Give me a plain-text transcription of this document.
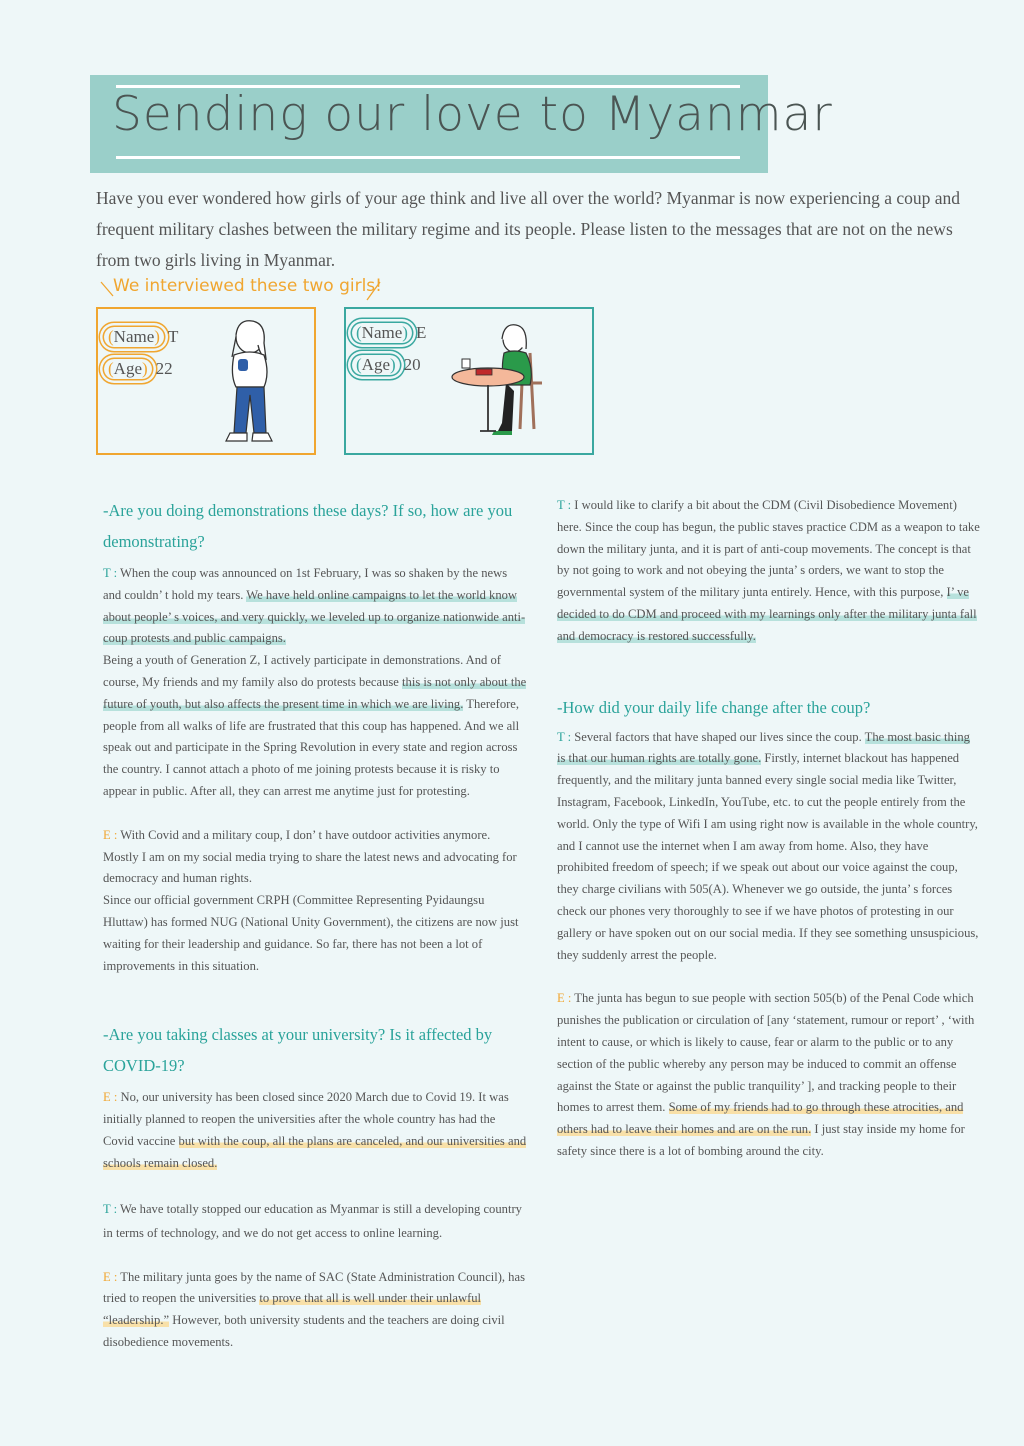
Sending our love to Myanmar

Have you ever wondered how girls of your age think and live all over the world? Myanmar is now experiencing a coup and frequent military clashes between the military regime and its people. Please listen to the messages that are not on the news from two girls living in Myanmar.

We interviewed these two girls!
(Name) T
(Age) 22
(Name) E
(Age) 20

-Are you doing demonstrations these days? If so, how are you demonstrating?

T : When the coup was announced on 1st February, I was so shaken by the news and couldn’ t hold my tears. We have held online campaigns to let the world know about people’ s voices, and very quickly, we leveled up to organize nationwide anti-coup protests and public campaigns.

Being a youth of Generation Z, I actively participate in demonstrations. And of course, My friends and my family also do protests because this is not only about the future of youth, but also affects the present time in which we are living. Therefore, people from all walks of life are frustrated that this coup has happened. And we all speak out and participate in the Spring Revolution in every state and region across the country. I cannot attach a photo of me joining protests because it is risky to appear in public. After all, they can arrest me anytime just for protesting.

E : With Covid and a military coup, I don’ t have outdoor activities anymore. Mostly I am on my social media trying to share the latest news and advocating for democracy and human rights.

Since our official government CRPH (Committee Representing Pyidaungsu Hluttaw) has formed NUG (National Unity Government), the citizens are now just waiting for their leadership and guidance. So far, there has not been a lot of improvements in this situation.

-Are you taking classes at your university? Is it affected by COVID-19?

E : No, our university has been closed since 2020 March due to Covid 19. It was initially planned to reopen the universities after the whole country has had the Covid vaccine but with the coup, all the plans are canceled, and our universities and schools remain closed.

T : We have totally stopped our education as Myanmar is still a developing country in terms of technology, and we do not get access to online learning.

E : The military junta goes by the name of SAC (State Administration Council), has tried to reopen the universities to prove that all is well under their unlawful “leadership.” However, both university students and the teachers are doing civil disobedience movements.

T : I would like to clarify a bit about the CDM (Civil Disobedience Movement) here. Since the coup has begun, the public staves practice CDM as a weapon to take down the military junta, and it is part of anti-coup movements. The concept is that by not going to work and not obeying the junta’ s orders, we want to stop the governmental system of the military junta entirely. Hence, with this purpose, I’ ve decided to do CDM and proceed with my learnings only after the military junta fall and democracy is restored successfully.

-How did your daily life change after the coup?

T : Several factors that have shaped our lives since the coup. The most basic thing is that our human rights are totally gone. Firstly, internet blackout has happened frequently, and the military junta banned every single social media like Twitter, Instagram, Facebook, LinkedIn, YouTube, etc. to cut the people entirely from the world. Only the type of Wifi I am using right now is available in the whole country, and I cannot use the internet when I am away from home. Also, they have prohibited freedom of speech; if we speak out about our voice against the coup, they charge civilians with 505(A). Whenever we go outside, the junta’ s forces check our phones very thoroughly to see if we have photos of protesting in our gallery or have spoken out on our social media. If they see something unsuspicious, they suddenly arrest the people.

E : The junta has begun to sue people with section 505(b) of the Penal Code which punishes the publication or circulation of [any ‘statement, rumour or report’ , ‘with intent to cause, or which is likely to cause, fear or alarm to the public or to any section of the public whereby any person may be induced to commit an offense against the State or against the public tranquility’ ], and tracking people to their homes to arrest them. Some of my friends had to go through these atrocities, and others had to leave their homes and are on the run. I just stay inside my home for safety since there is a lot of bombing around the city.
